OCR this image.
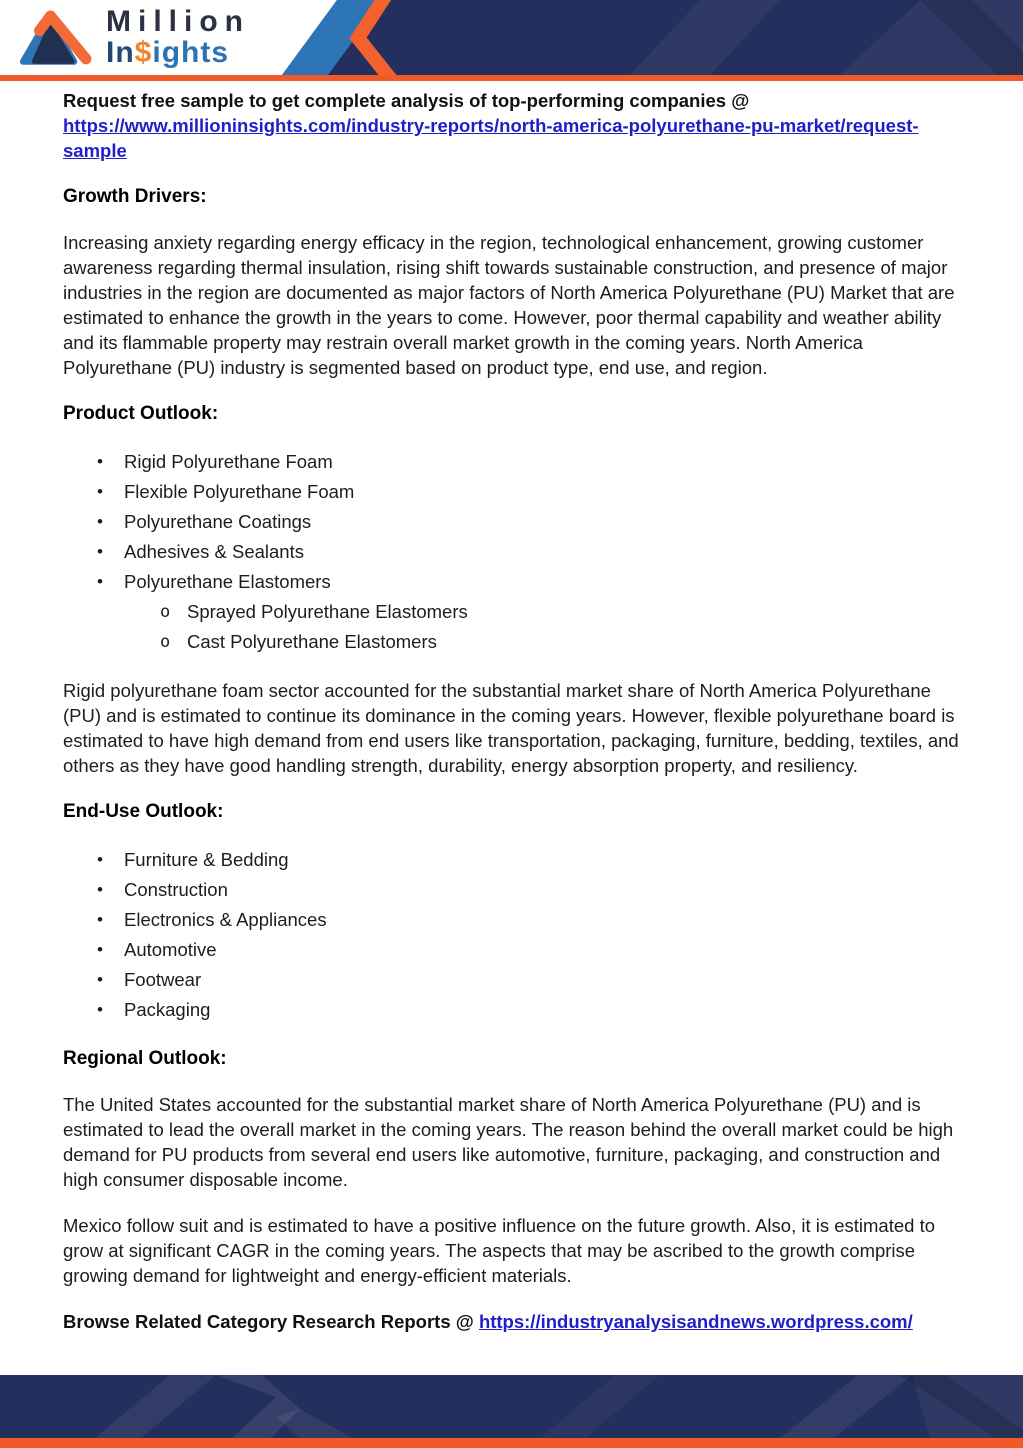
Million
In$ights

Request free sample to get complete analysis of top-performing companies @ https://www.millioninsights.com/industry-reports/north-america-polyurethane-pu-market/request-sample

Growth Drivers:

Increasing anxiety regarding energy efficacy in the region, technological enhancement, growing customer awareness regarding thermal insulation, rising shift towards sustainable construction, and presence of major industries in the region are documented as major factors of North America Polyurethane (PU) Market that are estimated to enhance the growth in the years to come. However, poor thermal capability and weather ability and its flammable property may restrain overall market growth in the coming years. North America Polyurethane (PU) industry is segmented based on product type, end use, and region.

Product Outlook:

•	Rigid Polyurethane Foam
•	Flexible Polyurethane Foam
•	Polyurethane Coatings
•	Adhesives & Sealants
•	Polyurethane Elastomers
o Sprayed Polyurethane Elastomers
o Cast Polyurethane Elastomers

Rigid polyurethane foam sector accounted for the substantial market share of North America Polyurethane (PU) and is estimated to continue its dominance in the coming years. However, flexible polyurethane board is estimated to have high demand from end users like transportation, packaging, furniture, bedding, textiles, and others as they have good handling strength, durability, energy absorption property, and resiliency.

End-Use Outlook:

•	Furniture & Bedding
•	Construction
•	Electronics & Appliances
•	Automotive
•	Footwear
•	Packaging

Regional Outlook:

The United States accounted for the substantial market share of North America Polyurethane (PU) and is estimated to lead the overall market in the coming years. The reason behind the overall market could be high demand for PU products from several end users like automotive, furniture, packaging, and construction and high consumer disposable income.

Mexico follow suit and is estimated to have a positive influence on the future growth. Also, it is estimated to grow at significant CAGR in the coming years. The aspects that may be ascribed to the growth comprise growing demand for lightweight and energy-efficient materials.

Browse Related Category Research Reports @ https://industryanalysisandnews.wordpress.com/
